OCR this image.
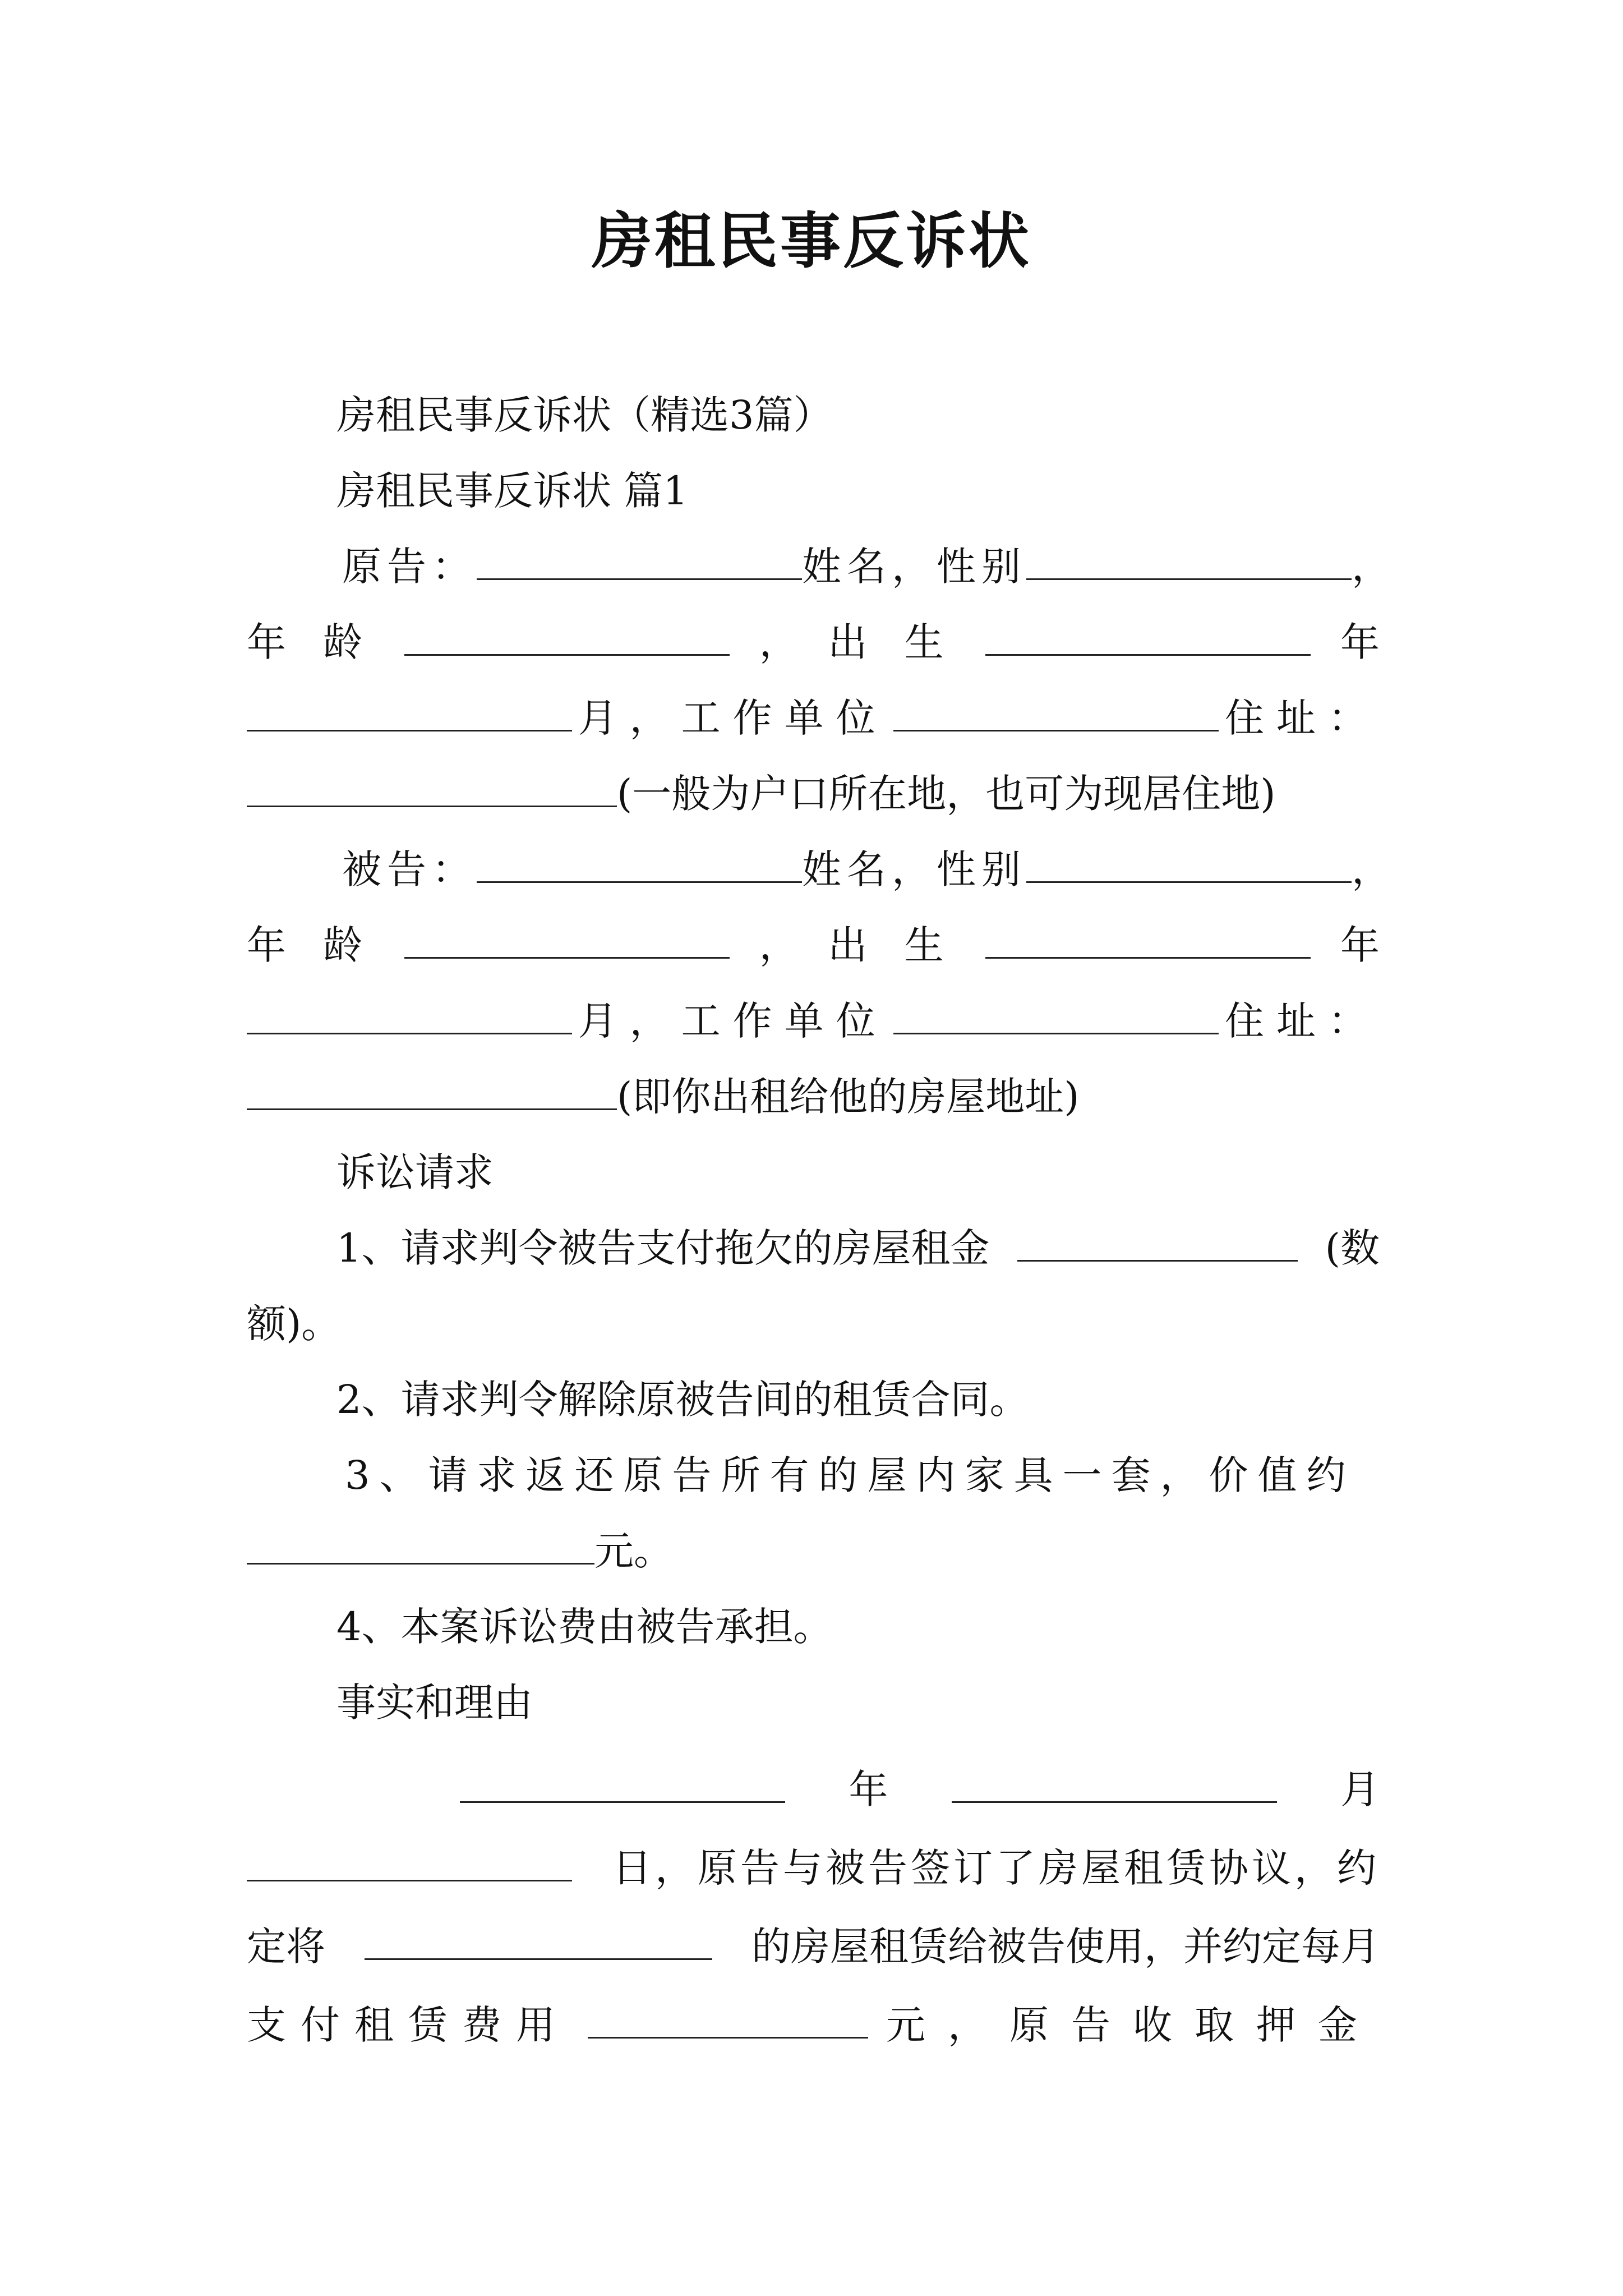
房租民事反诉状
房租民事反诉状（精选3篇）
房租民事反诉状 篇1
原告：	姓名，性别	，
年 龄	， 出 生	年
月，工作单位	住址：
(一般为户口所在地，也可为现居住地)
被告：	姓名，性别	，
年 龄	， 出 生	年
月，工作单位	住址：
(即你出租给他的房屋地址)
诉讼请求
1、请求判令被告支付拖欠的房屋租金	(数
额)。
2、请求判令解除原被告间的租赁合同。
3、请求返还原告所有的屋内家具一套，价值约
元。
4、本案诉讼费由被告承担。
事实和理由
年	月
日，原告与被告签订了房屋租赁协议，约
定将	的房屋租赁给被告使用，并约定每月
支付租赁费用	元，原告收取押金
